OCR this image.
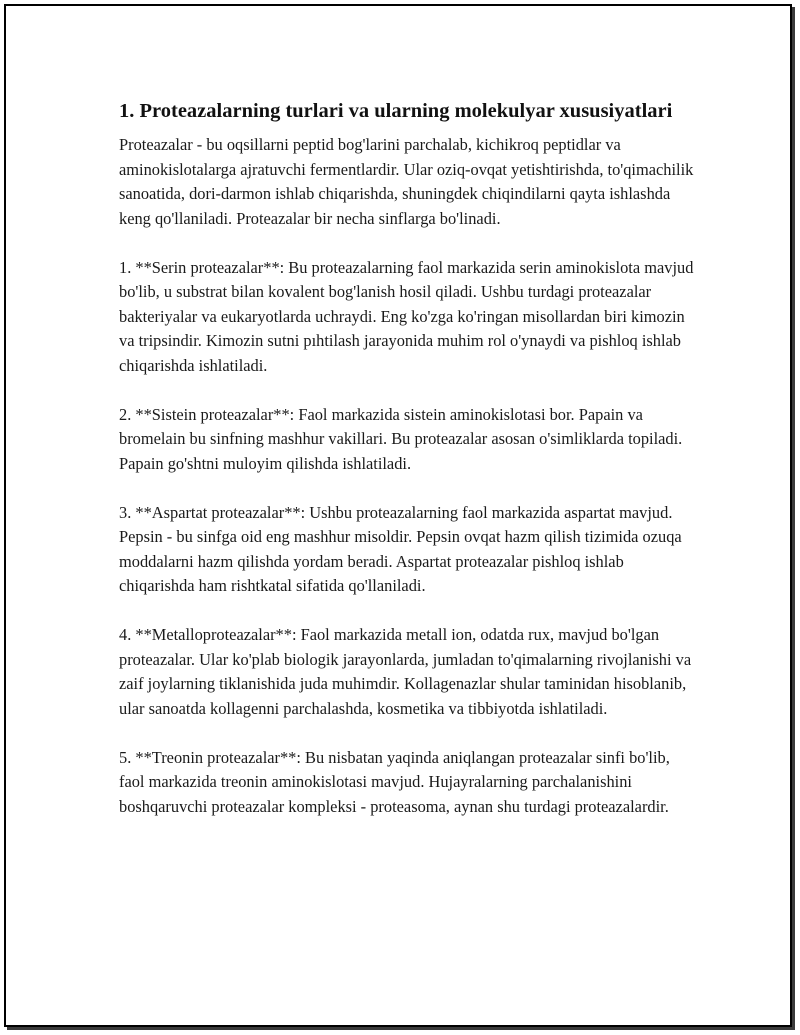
1. Proteazalarning turlari va ularning molekulyar xususiyatlari

Proteazalar - bu oqsillarni peptid bog'larini parchalab, kichikroq peptidlar va aminokislotalarga ajratuvchi fermentlardir. Ular oziq-ovqat yetishtirishda, to'qimachilik sanoatida, dori-darmon ishlab chiqarishda, shuningdek chiqindilarni qayta ishlashda keng qo'llaniladi. Proteazalar bir necha sinflarga bo'linadi.

1. **Serin proteazalar**: Bu proteazalarning faol markazida serin aminokislota mavjud bo'lib, u substrat bilan kovalent bog'lanish hosil qiladi. Ushbu turdagi proteazalar bakteriyalar va eukaryotlarda uchraydi. Eng ko'zga ko'ringan misollardan biri kimozin va tripsindir. Kimozin sutni pıhtilash jarayonida muhim rol o'ynaydi va pishloq ishlab chiqarishda ishlatiladi.

2. **Sistein proteazalar**: Faol markazida sistein aminokislotasi bor. Papain va bromelain bu sinfning mashhur vakillari. Bu proteazalar asosan o'simliklarda topiladi. Papain go'shtni muloyim qilishda ishlatiladi.

3. **Aspartat proteazalar**: Ushbu proteazalarning faol markazida aspartat mavjud. Pepsin - bu sinfga oid eng mashhur misoldir. Pepsin ovqat hazm qilish tizimida ozuqa moddalarni hazm qilishda yordam beradi. Aspartat proteazalar pishloq ishlab chiqarishda ham rishtkatal sifatida qo'llaniladi.

4. **Metalloproteazalar**: Faol markazida metall ion, odatda rux, mavjud bo'lgan proteazalar. Ular ko'plab biologik jarayonlarda, jumladan to'qimalarning rivojlanishi va zaif joylarning tiklanishida juda muhimdir. Kollagenazlar shular taminidan hisoblanib, ular sanoatda kollagenni parchalashda, kosmetika va tibbiyotda ishlatiladi.

5. **Treonin proteazalar**: Bu nisbatan yaqinda aniqlangan proteazalar sinfi bo'lib, faol markazida treonin aminokislotasi mavjud. Hujayralarning parchalanishini boshqaruvchi proteazalar kompleksi - proteasoma, aynan shu turdagi proteazalardir.
